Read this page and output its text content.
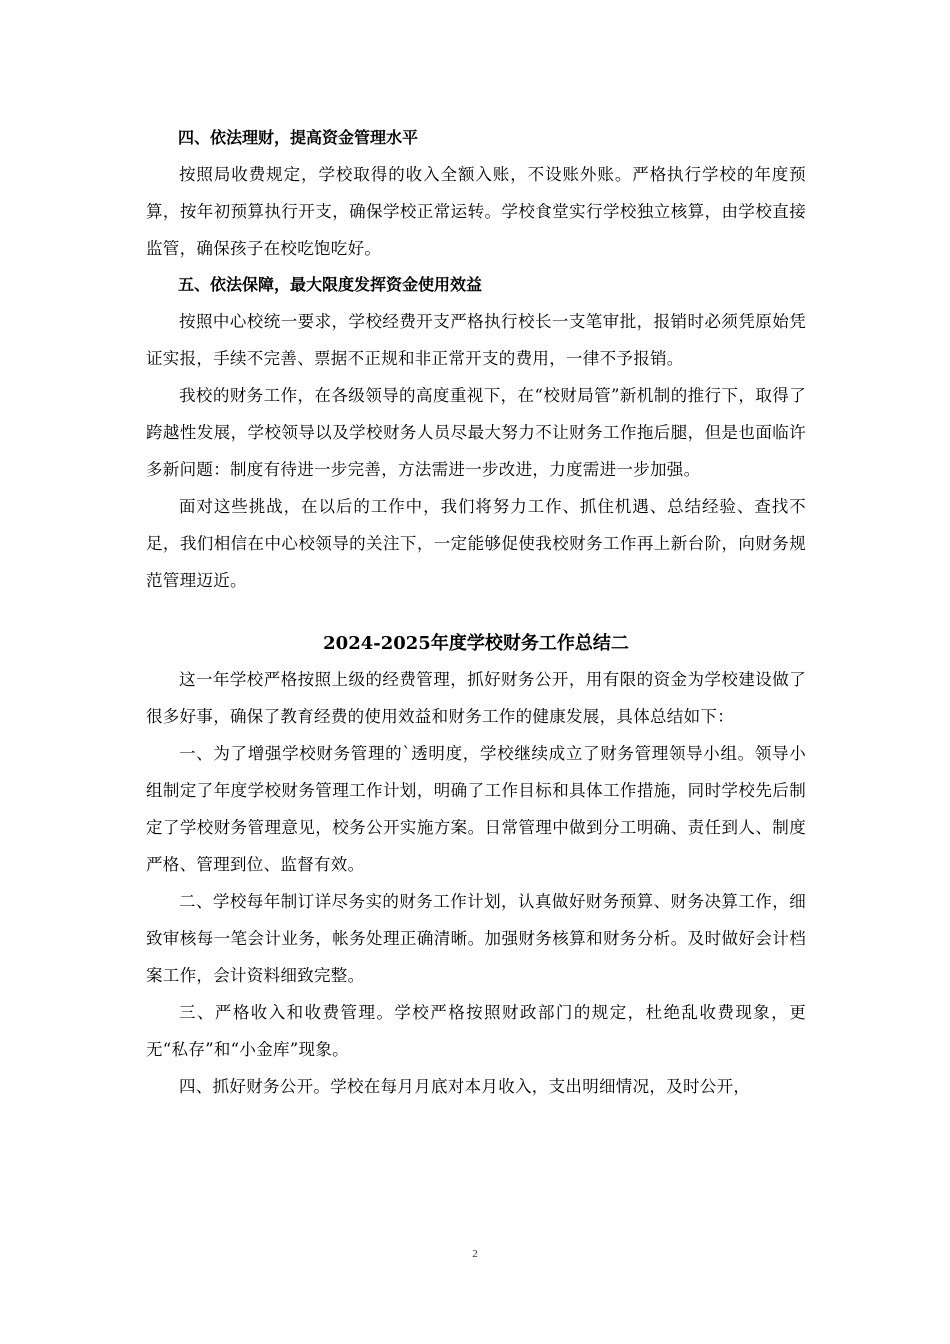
四、依法理财，提高资金管理水平
按照局收费规定，学校取得的收入全额入账，不设账外账。严格执行学校的年度预算，按年初预算执行开支，确保学校正常运转。学校食堂实行学校独立核算，由学校直接监管，确保孩子在校吃饱吃好。
五、依法保障，最大限度发挥资金使用效益
按照中心校统一要求，学校经费开支严格执行校长一支笔审批，报销时必须凭原始凭证实报，手续不完善、票据不正规和非正常开支的费用，一律不予报销。
我校的财务工作，在各级领导的高度重视下，在“校财局管”新机制的推行下，取得了跨越性发展，学校领导以及学校财务人员尽最大努力不让财务工作拖后腿，但是也面临许多新问题：制度有待进一步完善，方法需进一步改进，力度需进一步加强。
面对这些挑战，在以后的工作中，我们将努力工作、抓住机遇、总结经验、查找不足，我们相信在中心校领导的关注下，一定能够促使我校财务工作再上新台阶，向财务规范管理迈近。
2024-2025年度学校财务工作总结二
这一年学校严格按照上级的经费管理，抓好财务公开，用有限的资金为学校建设做了很多好事，确保了教育经费的使用效益和财务工作的健康发展，具体总结如下：
一、为了增强学校财务管理的`透明度，学校继续成立了财务管理领导小组。领导小组制定了年度学校财务管理工作计划，明确了工作目标和具体工作措施，同时学校先后制定了学校财务管理意见，校务公开实施方案。日常管理中做到分工明确、责任到人、制度严格、管理到位、监督有效。
二、学校每年制订详尽务实的财务工作计划，认真做好财务预算、财务决算工作，细致审核每一笔会计业务，帐务处理正确清晰。加强财务核算和财务分析。及时做好会计档案工作，会计资料细致完整。
三、严格收入和收费管理。学校严格按照财政部门的规定，杜绝乱收费现象，更无“私存”和“小金库”现象。
四、抓好财务公开。学校在每月月底对本月收入，支出明细情况，及时公开，
2
